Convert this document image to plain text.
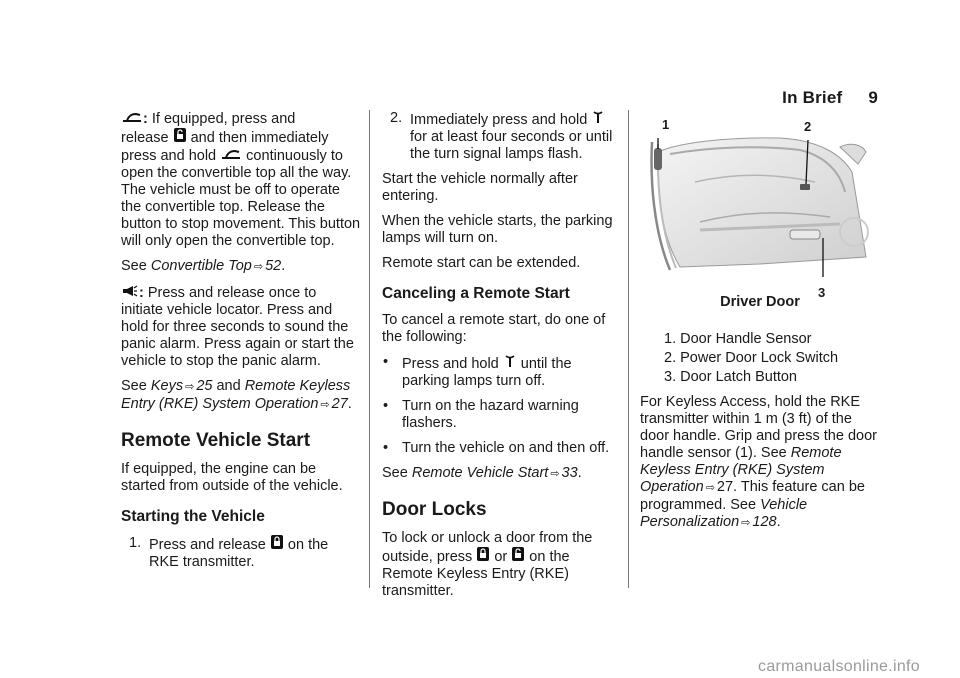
In Brief 9

: If equipped, press and
release  and then immediately
press and hold  continuously to
open the convertible top all the way. The vehicle must be off to operate the convertible top. Release the button to stop movement. This button will only open the convertible top.

See Convertible Top ⇨ 52.

: Press and release once to initiate vehicle locator. Press and hold for three seconds to sound the panic alarm. Press again or start the vehicle to stop the panic alarm.

See Keys ⇨ 25 and Remote Keyless Entry (RKE) System Operation ⇨ 27.

Remote Vehicle Start

If equipped, the engine can be started from outside of the vehicle.

Starting the Vehicle
1. Press and release  on the RKE transmitter.
2. Immediately press and hold  for at least four seconds or until the turn signal lamps flash.

Start the vehicle normally after entering.

When the vehicle starts, the parking lamps will turn on.

Remote start can be extended.

Canceling a Remote Start

To cancel a remote start, do one of the following:

• Press and hold  until the parking lamps turn off.
• Turn on the hazard warning flashers.
• Turn the vehicle on and then off.

See Remote Vehicle Start ⇨ 33.

Door Locks

To lock or unlock a door from the outside, press  or  on the Remote Keyless Entry (RKE) transmitter.

1	2
3
Driver Door
1. Door Handle Sensor
2. Power Door Lock Switch
3. Door Latch Button

For Keyless Access, hold the RKE transmitter within 1 m (3 ft) of the door handle. Grip and press the door handle sensor (1). See Remote Keyless Entry (RKE) System Operation ⇨ 27. This feature can be programmed. See Vehicle Personalization ⇨ 128.

carmanualsonline.info
